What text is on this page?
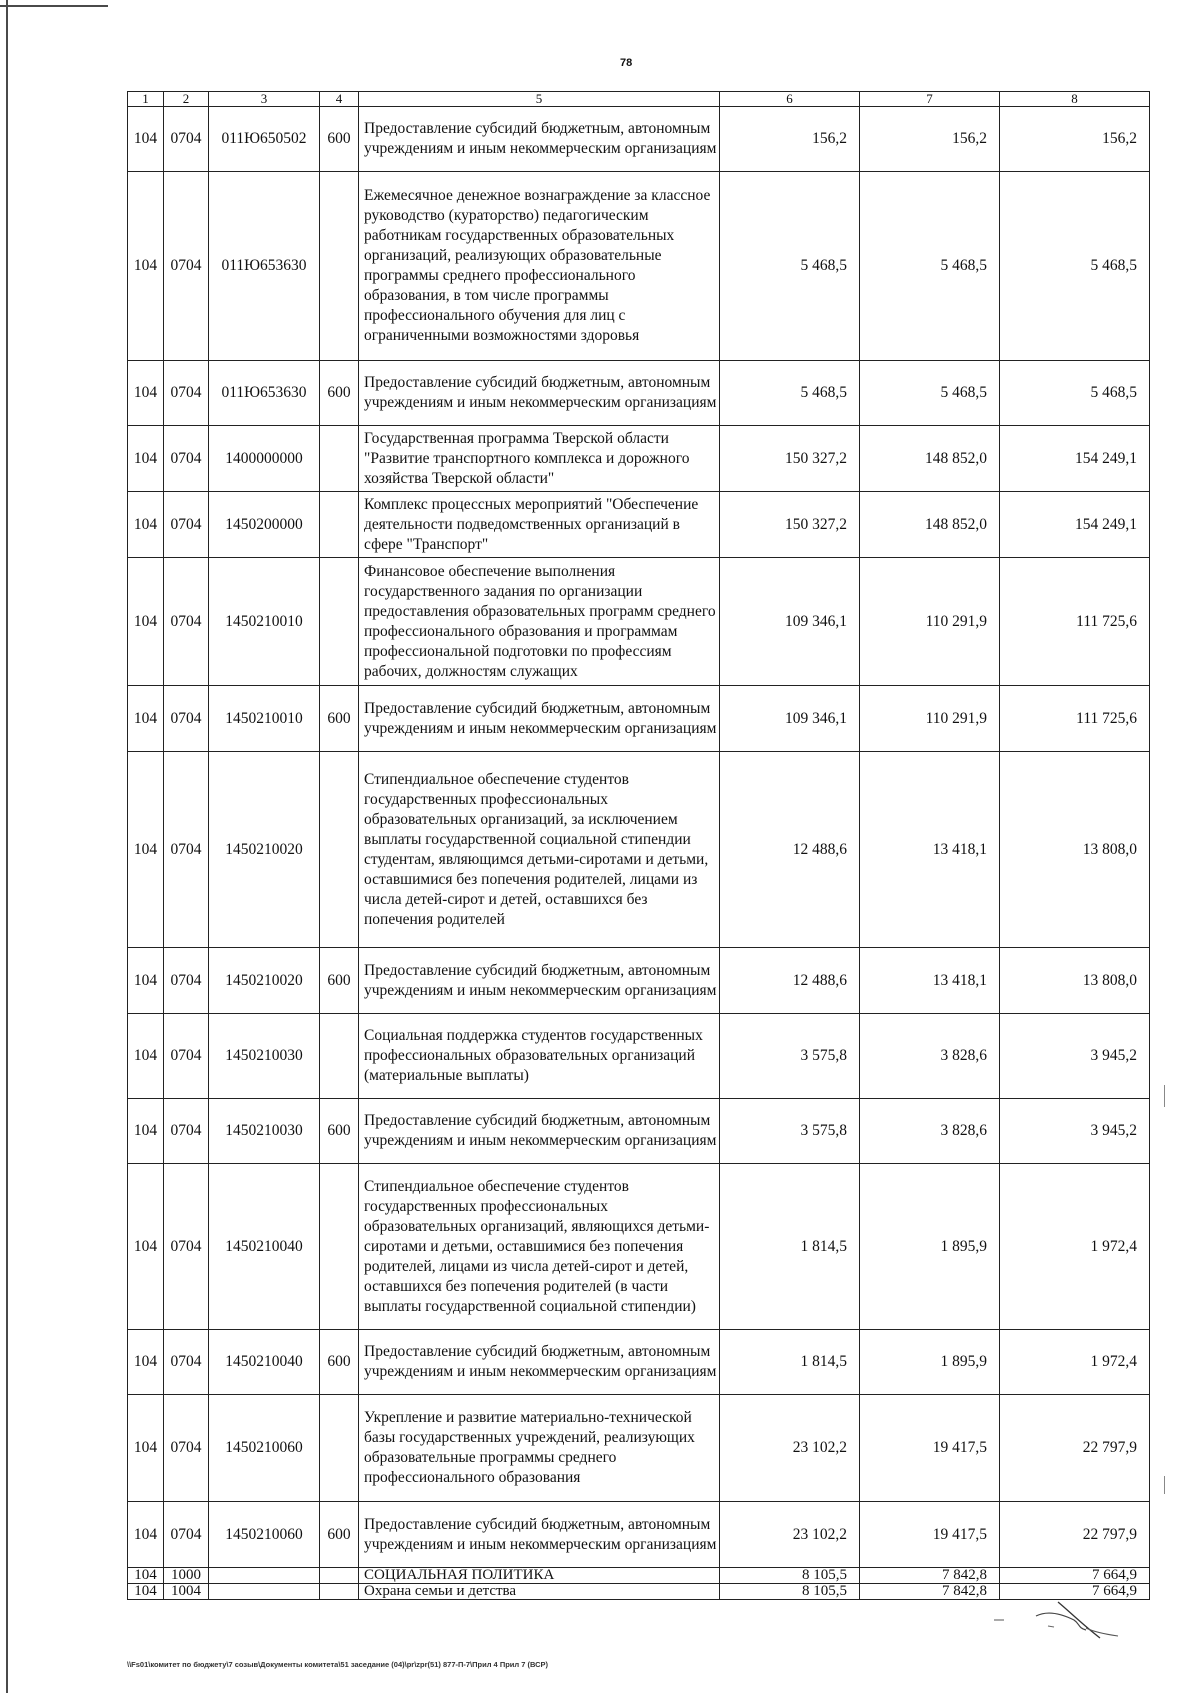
78
1	2	3	4	5	6	7	8
104	0704	011Ю650502	600	Предоставление субсидий бюджетным, автономным учреждениям и иным некоммерческим организациям	156,2	156,2	156,2
104	0704	011Ю653630		Ежемесячное денежное вознаграждение за классное руководство (кураторство) педагогическим работникам государственных образовательных организаций, реализующих образовательные программы среднего профессионального образования, в том числе программы профессионального обучения для лиц с ограниченными возможностями здоровья	5 468,5	5 468,5	5 468,5
104	0704	011Ю653630	600	Предоставление субсидий бюджетным, автономным учреждениям и иным некоммерческим организациям	5 468,5	5 468,5	5 468,5
104	0704	1400000000		Государственная программа Тверской области "Развитие транспортного комплекса и дорожного хозяйства Тверской области"	150 327,2	148 852,0	154 249,1
104	0704	1450200000		Комплекс процессных мероприятий "Обеспечение деятельности подведомственных организаций в сфере "Транспорт"	150 327,2	148 852,0	154 249,1
104	0704	1450210010		Финансовое обеспечение выполнения государственного задания по организации предоставления образовательных программ среднего профессионального образования и программам профессиональной подготовки по профессиям рабочих, должностям служащих	109 346,1	110 291,9	111 725,6
104	0704	1450210010	600	Предоставление субсидий бюджетным, автономным учреждениям и иным некоммерческим организациям	109 346,1	110 291,9	111 725,6
104	0704	1450210020		Стипендиальное обеспечение студентов государственных профессиональных образовательных организаций, за исключением выплаты государственной социальной стипендии студентам, являющимся детьми-сиротами и детьми, оставшимися без попечения родителей, лицами из числа детей-сирот и детей, оставшихся без попечения родителей	12 488,6	13 418,1	13 808,0
104	0704	1450210020	600	Предоставление субсидий бюджетным, автономным учреждениям и иным некоммерческим организациям	12 488,6	13 418,1	13 808,0
104	0704	1450210030		Социальная поддержка студентов государственных профессиональных образовательных организаций (материальные выплаты)	3 575,8	3 828,6	3 945,2
104	0704	1450210030	600	Предоставление субсидий бюджетным, автономным учреждениям и иным некоммерческим организациям	3 575,8	3 828,6	3 945,2
104	0704	1450210040		Стипендиальное обеспечение студентов государственных профессиональных образовательных организаций, являющихся детьми-сиротами и детьми, оставшимися без попечения родителей, лицами из числа детей-сирот и детей, оставшихся без попечения родителей (в части выплаты государственной социальной стипендии)	1 814,5	1 895,9	1 972,4
104	0704	1450210040	600	Предоставление субсидий бюджетным, автономным учреждениям и иным некоммерческим организациям	1 814,5	1 895,9	1 972,4
104	0704	1450210060		Укрепление и развитие материально-технической базы государственных учреждений, реализующих образовательные программы среднего профессионального образования	23 102,2	19 417,5	22 797,9
104	0704	1450210060	600	Предоставление субсидий бюджетным, автономным учреждениям и иным некоммерческим организациям	23 102,2	19 417,5	22 797,9
104	1000			СОЦИАЛЬНАЯ ПОЛИТИКА	8 105,5	7 842,8	7 664,9
104	1004			Охрана семьи и детства	8 105,5	7 842,8	7 664,9
\\Fs01\комитет по бюджету\7 созыв\Документы комитета\51 заседание (04)\pr\zpr(51) 877-П-7\Прил 4 Прил 7 (ВСР)
